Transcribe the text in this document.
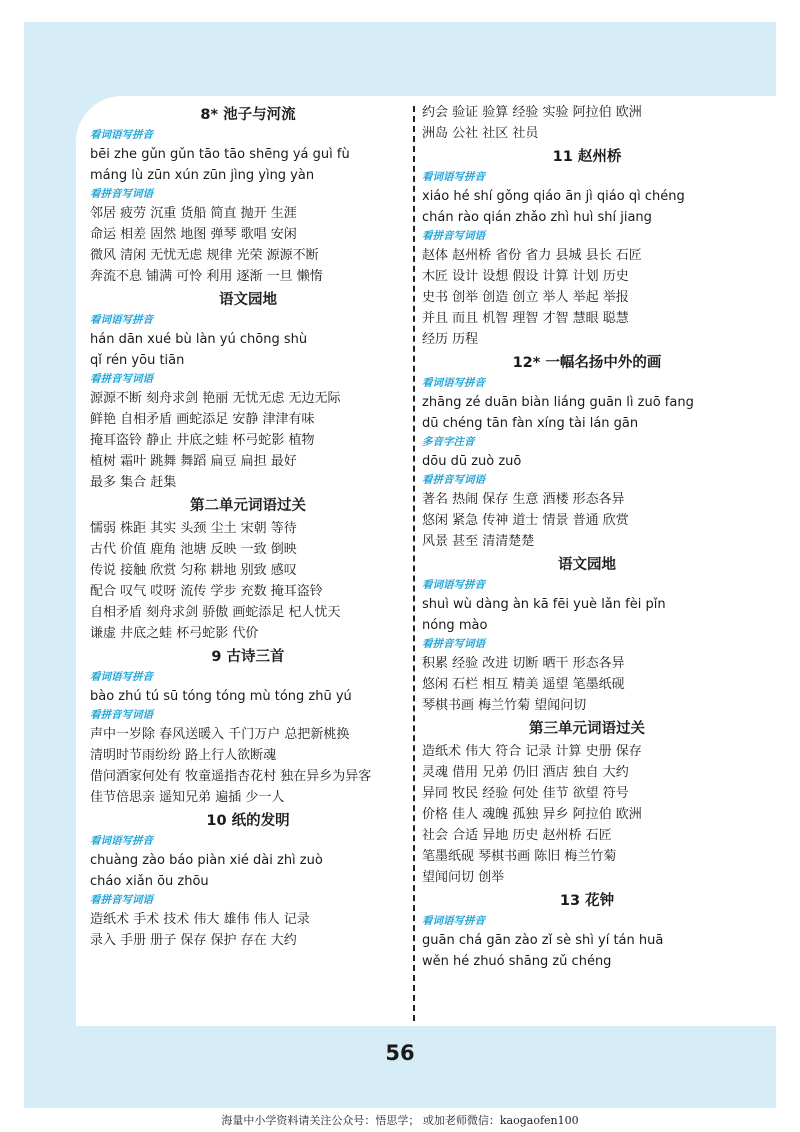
8* 池子与河流
看词语写拼音
bēi zhe gǔn gǔn tāo tāo shēng yá guì fù
máng lù zūn xún zūn jìng yìng yàn
看拼音写词语
邻居 疲劳 沉重 货船 简直 抛开 生涯
命运 相差 固然 地图 弹琴 歌唱 安闲
微风 清闲 无忧无虑 规律 光荣 源源不断
奔流不息 铺满 可怜 利用 逐渐 一旦 懒惰
语文园地
看词语写拼音
hán dān xué bù làn yú chōng shù
qǐ rén yōu tiān
看拼音写词语
源源不断 刻舟求剑 艳丽 无忧无虑 无边无际
鲜艳 自相矛盾 画蛇添足 安静 津津有味
掩耳盗铃 静止 井底之蛙 杯弓蛇影 植物
植树 霜叶 跳舞 舞蹈 扁豆 扁担 最好
最多 集合 赶集
第二单元词语过关
懦弱 株距 其实 头颈 尘土 宋朝 等待
古代 价值 鹿角 池塘 反映 一致 倒映
传说 接触 欣赏 匀称 耕地 别致 感叹
配合 叹气 哎呀 流传 学步 充数 掩耳盗铃
自相矛盾 刻舟求剑 骄傲 画蛇添足 杞人忧天
谦虚 井底之蛙 杯弓蛇影 代价
9 古诗三首
看词语写拼音
bào zhú tú sū tóng tóng mù tóng zhū yú
看拼音写词语
声中一岁除 春风送暖入 千门万户 总把新桃换
清明时节雨纷纷 路上行人欲断魂
借问酒家何处有 牧童遥指杏花村 独在异乡为异客
佳节倍思亲 遥知兄弟 遍插 少一人
10 纸的发明
看词语写拼音
chuàng zào báo piàn xié dài zhì zuò
cháo xiǎn ōu zhōu
看拼音写词语
造纸术 手术 技术 伟大 雄伟 伟人 记录
录入 手册 册子 保存 保护 存在 大约
约会 验证 验算 经验 实验 阿拉伯 欧洲
洲岛 公社 社区 社员
11 赵州桥
看词语写拼音
xiáo hé shí gǒng qiáo ān jì qiáo qì chéng
chán rào qián zhǎo zhì huì shí jiang
看拼音写词语
赵体 赵州桥 省份 省力 县城 县长 石匠
木匠 设计 设想 假设 计算 计划 历史
史书 创举 创造 创立 举人 举起 举报
并且 而且 机智 理智 才智 慧眼 聪慧
经历 历程
12* 一幅名扬中外的画
看词语写拼音
zhāng zé duān biàn liáng guān lì zuō fang
dū chéng tān fàn xíng tài lán gān
多音字注音
dōu dū zuò zuō
看拼音写词语
著名 热闹 保存 生意 酒楼 形态各异
悠闲 紧急 传神 道士 情景 普通 欣赏
风景 甚至 清清楚楚
语文园地
看词语写拼音
shuì wù dàng àn kā fēi yuè lǎn fèi pǐn
nóng mào
看拼音写词语
积累 经验 改进 切断 晒干 形态各异
悠闲 石栏 相互 精美 遥望 笔墨纸砚
琴棋书画 梅兰竹菊 望闻问切
第三单元词语过关
造纸术 伟大 符合 记录 计算 史册 保存
灵魂 借用 兄弟 仍旧 酒店 独自 大约
异同 牧民 经验 何处 佳节 欲望 符号
价格 佳人 魂魄 孤独 异乡 阿拉伯 欧洲
社会 合适 异地 历史 赵州桥 石匠
笔墨纸砚 琴棋书画 陈旧 梅兰竹菊
望闻问切 创举
13 花钟
看词语写拼音
guān chá gān zào zǐ sè shì yí tán huā
wěn hé zhuó shāng zǔ chéng
56
海量中小学资料请关注公众号：悟思学； 或加老师微信：kaogaofen100
